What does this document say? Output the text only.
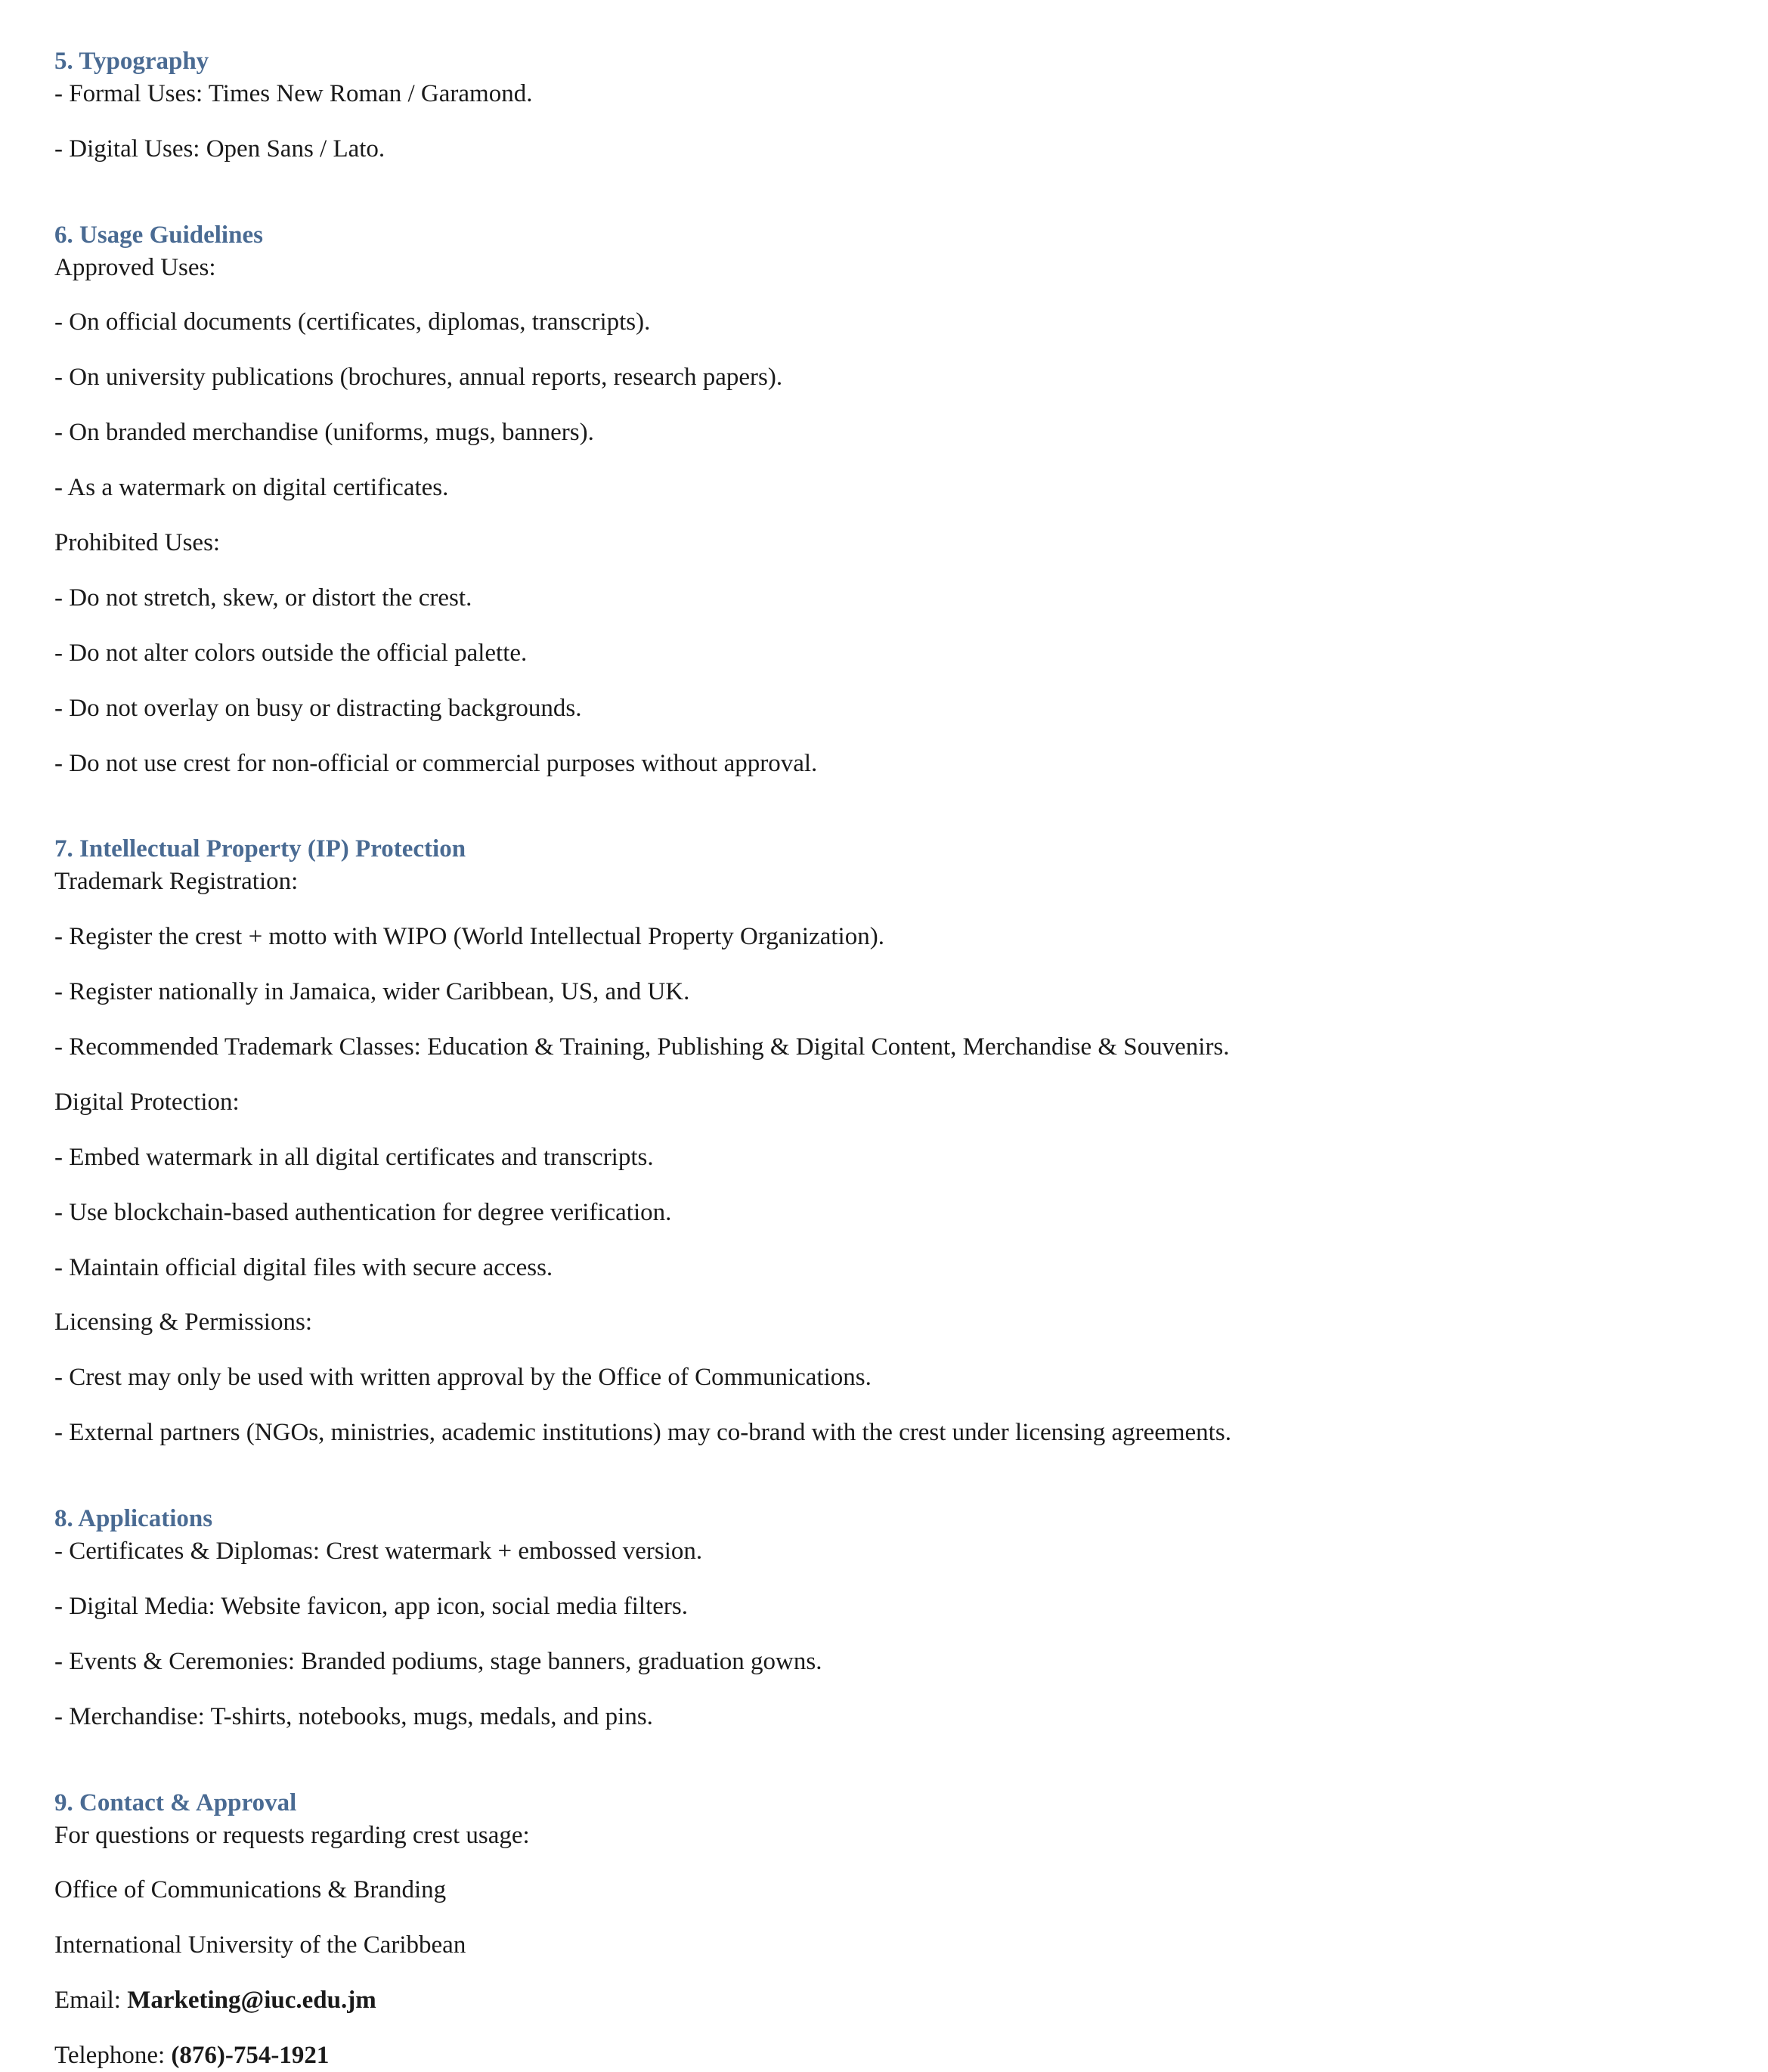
5. Typography
- Formal Uses: Times New Roman / Garamond.
- Digital Uses: Open Sans / Lato.
6. Usage Guidelines
Approved Uses:
- On official documents (certificates, diplomas, transcripts).
- On university publications (brochures, annual reports, research papers).
- On branded merchandise (uniforms, mugs, banners).
- As a watermark on digital certificates.
Prohibited Uses:
- Do not stretch, skew, or distort the crest.
- Do not alter colors outside the official palette.
- Do not overlay on busy or distracting backgrounds.
- Do not use crest for non-official or commercial purposes without approval.
7. Intellectual Property (IP) Protection
Trademark Registration:
- Register the crest + motto with WIPO (World Intellectual Property Organization).
- Register nationally in Jamaica, wider Caribbean, US, and UK.
- Recommended Trademark Classes: Education & Training, Publishing & Digital Content, Merchandise & Souvenirs.
Digital Protection:
- Embed watermark in all digital certificates and transcripts.
- Use blockchain-based authentication for degree verification.
- Maintain official digital files with secure access.
Licensing & Permissions:
- Crest may only be used with written approval by the Office of Communications.
- External partners (NGOs, ministries, academic institutions) may co-brand with the crest under licensing agreements.
8. Applications
- Certificates & Diplomas: Crest watermark + embossed version.
- Digital Media: Website favicon, app icon, social media filters.
- Events & Ceremonies: Branded podiums, stage banners, graduation gowns.
- Merchandise: T-shirts, notebooks, mugs, medals, and pins.
9. Contact & Approval
For questions or requests regarding crest usage:
Office of Communications & Branding
International University of the Caribbean
Email: Marketing@iuc.edu.jm
Telephone: (876)-754-1921
